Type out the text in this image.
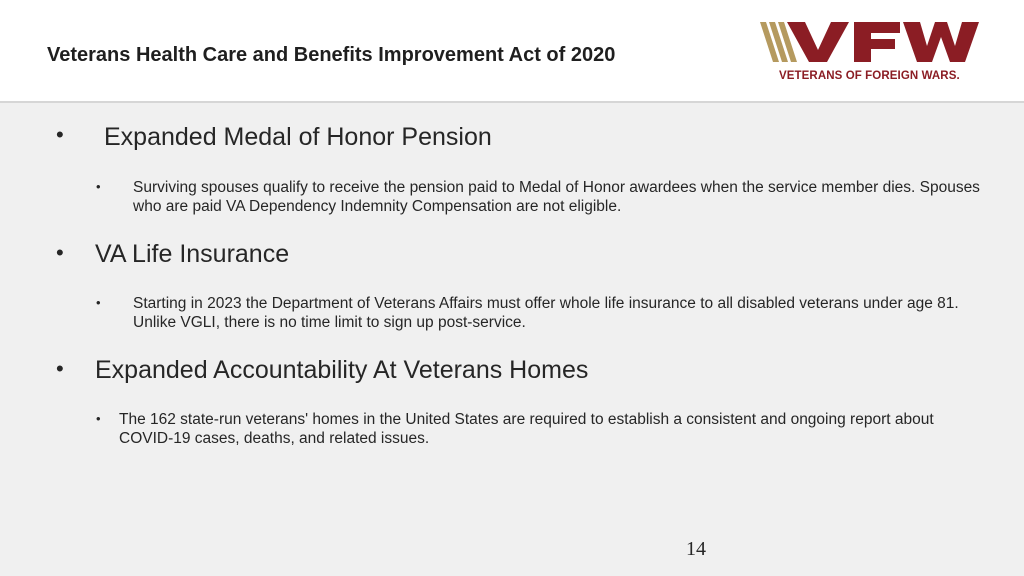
Veterans Health Care and Benefits Improvement Act of 2020
VETERANS OF FOREIGN WARS.
• Expanded Medal of Honor Pension
• Surviving spouses qualify to receive the pension paid to Medal of Honor awardees when the service member dies. Spouses who are paid VA Dependency Indemnity Compensation are not eligible.
• VA Life Insurance
• Starting in 2023 the Department of Veterans Affairs must offer whole life insurance to all disabled veterans under age 81. Unlike VGLI, there is no time limit to sign up post-service.
• Expanded Accountability At Veterans Homes
• The 162 state-run veterans' homes in the United States are required to establish a consistent and ongoing report about COVID-19 cases, deaths, and related issues.
14
